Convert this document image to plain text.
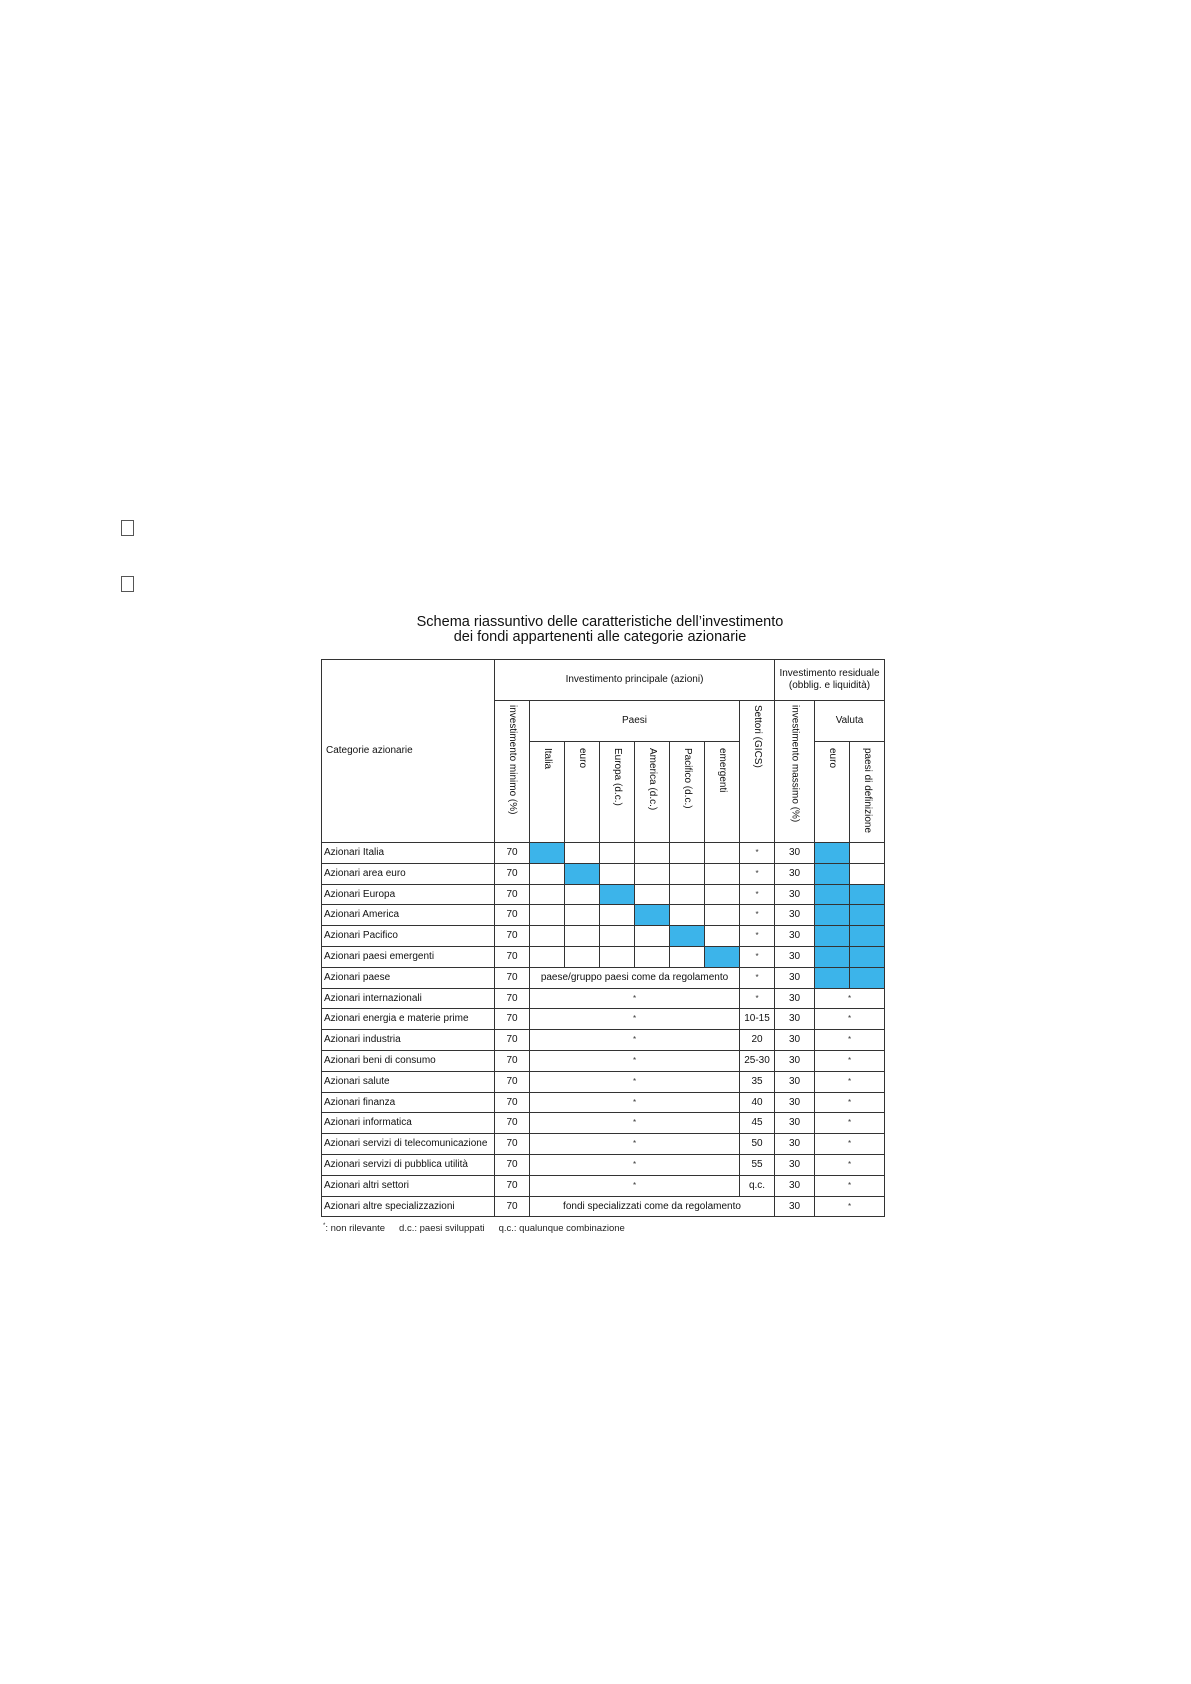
Schema riassuntivo delle caratteristiche dell’investimento
dei fondi appartenenti alle categorie azionarie
Categorie azionarie	Investimento principale (azioni)								Investimento residuale
(obblig. e liquidità)		

	investimento minimo (%)	Paesi						Settori (GICS)	investimento massimo (%)	Valuta	
		Italia	euro	Europa (d.c.)	America (d.c.)	Pacifico (d.c.)	emergenti			euro	paesi di definizione
Azionari Italia	70							*	30		
Azionari area euro	70							*	30		
Azionari Europa	70							*	30		
Azionari America	70							*	30		
Azionari Pacifico	70							*	30		
Azionari paesi emergenti	70							*	30		
Azionari paese	70	paese/gruppo paesi come da regolamento						*	30		
Azionari internazionali	70	*						*	30	*	
Azionari energia e materie prime	70	*						10-15	30	*	
Azionari industria	70	*						20	30	*	
Azionari beni di consumo	70	*						25-30	30	*	
Azionari salute	70	*						35	30	*	
Azionari finanza	70	*						40	30	*	
Azionari informatica	70	*						45	30	*	
Azionari servizi di telecomunicazione	70	*						50	30	*	
Azionari servizi di pubblica utilità	70	*						55	30	*	
Azionari altri settori	70	*						q.c.	30	*	
Azionari altre specializzazioni	70	fondi specializzati come da regolamento							30	*	
*: non rilevante d.c.: paesi sviluppati q.c.: qualunque combinazione
